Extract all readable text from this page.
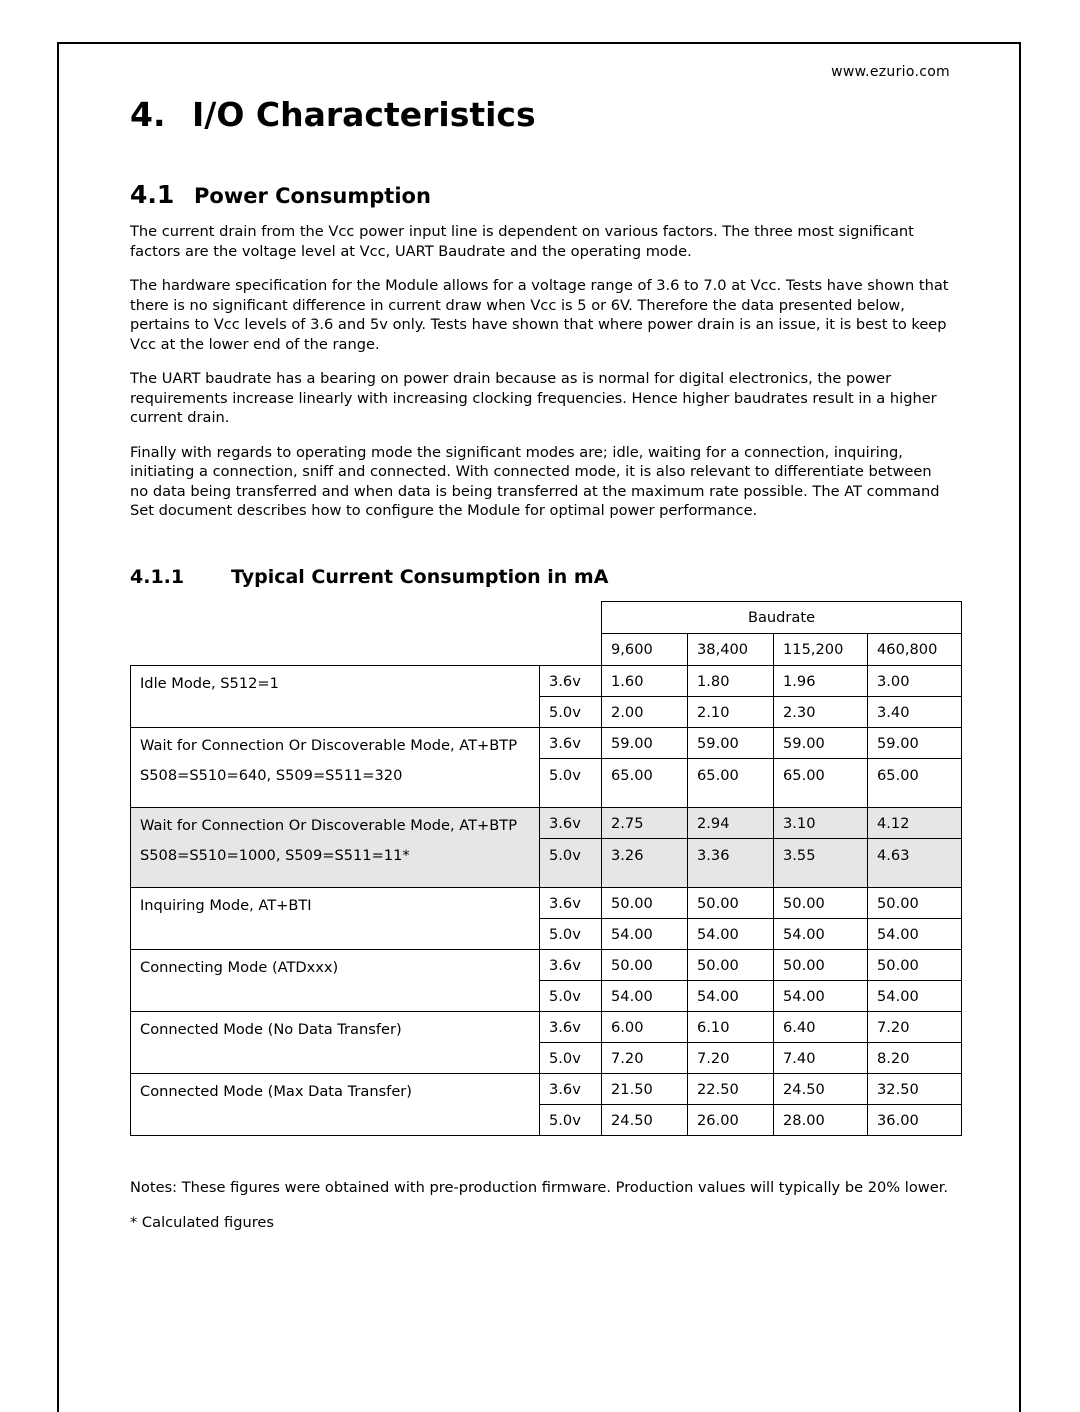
www.ezurio.com
4. I/O Characteristics
4.1 Power Consumption

The current drain from the Vcc power input line is dependent on various factors. The three most significant factors are the voltage level at Vcc, UART Baudrate and the operating mode.

The hardware specification for the Module allows for a voltage range of 3.6 to 7.0 at Vcc. Tests have shown that there is no significant difference in current draw when Vcc is 5 or 6V. Therefore the data presented below, pertains to Vcc levels of 3.6 and 5v only. Tests have shown that where power drain is an issue, it is best to keep Vcc at the lower end of the range.

The UART baudrate has a bearing on power drain because as is normal for digital electronics, the power requirements increase linearly with increasing clocking frequencies. Hence higher baudrates result in a higher current drain.

Finally with regards to operating mode the significant modes are; idle, waiting for a connection, inquiring, initiating a connection, sniff and connected. With connected mode, it is also relevant to differentiate between no data being transferred and when data is being transferred at the maximum rate possible. The AT command Set document describes how to configure the Module for optimal power performance.

4.1.1 Typical Current Consumption in mA
		Baudrate			
		9,600	38,400	115,200	460,800

Idle Mode, S512=1	3.6v	1.60	1.80	1.96	3.00
	5.0v	2.00	2.10	2.30	3.40

Wait for Connection Or Discoverable Mode, AT+BTP
S508=S510=640, S509=S511=320	3.6v	59.00	59.00	59.00	59.00
	5.0v	65.00	65.00	65.00	65.00

Wait for Connection Or Discoverable Mode, AT+BTP
S508=S510=1000, S509=S511=11*	3.6v	2.75	2.94	3.10	4.12
	5.0v	3.26	3.36	3.55	4.63

Inquiring Mode, AT+BTI	3.6v	50.00	50.00	50.00	50.00
	5.0v	54.00	54.00	54.00	54.00

Connecting Mode (ATDxxx)	3.6v	50.00	50.00	50.00	50.00
	5.0v	54.00	54.00	54.00	54.00

Connected Mode (No Data Transfer)	3.6v	6.00	6.10	6.40	7.20
	5.0v	7.20	7.20	7.40	8.20

Connected Mode (Max Data Transfer)	3.6v	21.50	22.50	24.50	32.50
	5.0v	24.50	26.00	28.00	36.00

Notes: These figures were obtained with pre-production firmware. Production values will typically be 20% lower.

* Calculated figures
